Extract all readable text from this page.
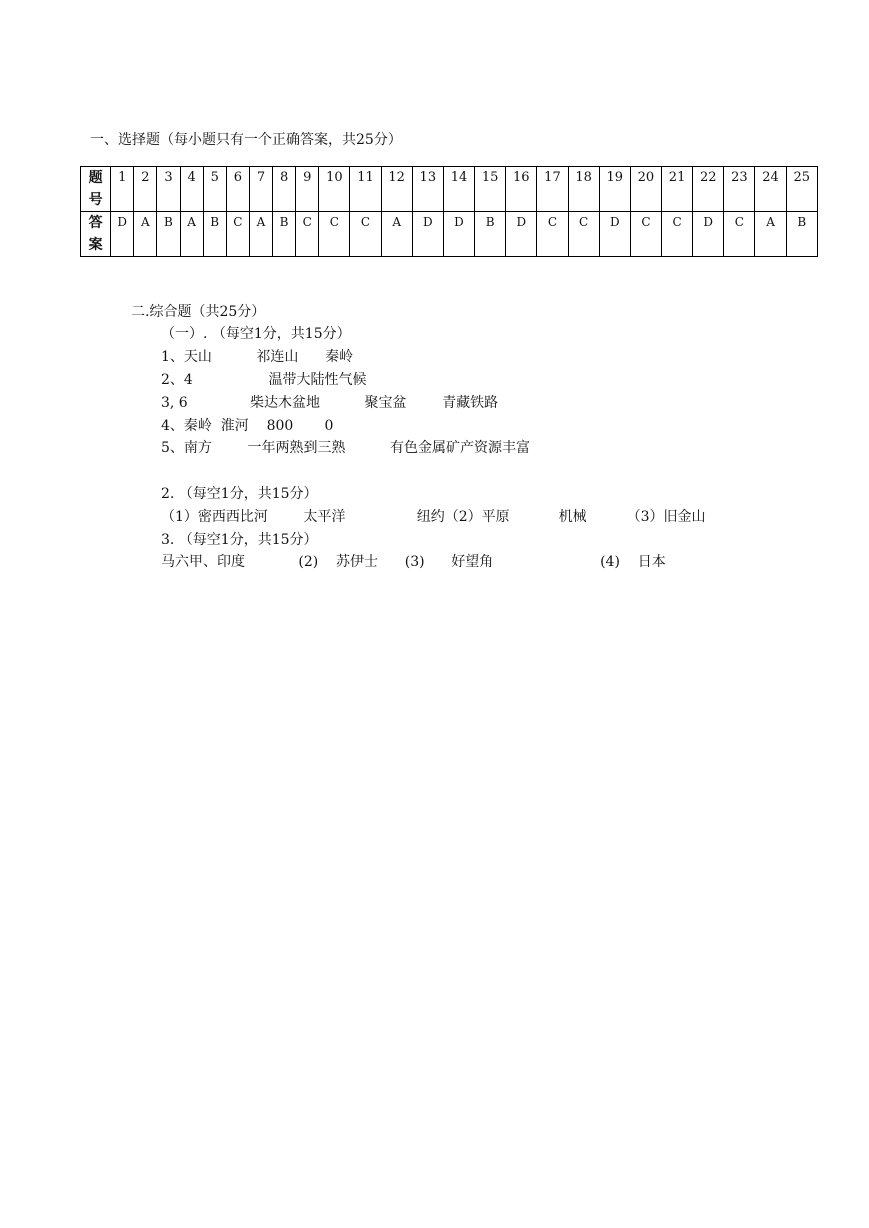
一、选择题（每小题只有一个正确答案，共25分）
题
号	1	2	3	4	5	6	7	8	9	10	11	12	13	14	15	16	17	18	19	20	21	22	23	24	25
答
案	D	A	B	A	B	C	A	B	C	C	C	A	D	D	B	D	C	C	D	C	C	D	C	A	B
二.综合题（共25分）
（一）. （每空1分，共15分）
1、天山          祁连山      秦岭
2、4                 温带大陆性气候
3, 6              柴达木盆地          聚宝盆        青藏铁路
4、秦岭  淮河    800       0
5、南方        一年两熟到三熟          有色金属矿产资源丰富
2. （每空1分，共15分）
（1）密西西比河        太平洋                纽约（2）平原           机械         （3）旧金山
3. （每空1分，共15分）
马六甲、印度            (2)    苏伊士      (3)      好望角                        (4)    日本
